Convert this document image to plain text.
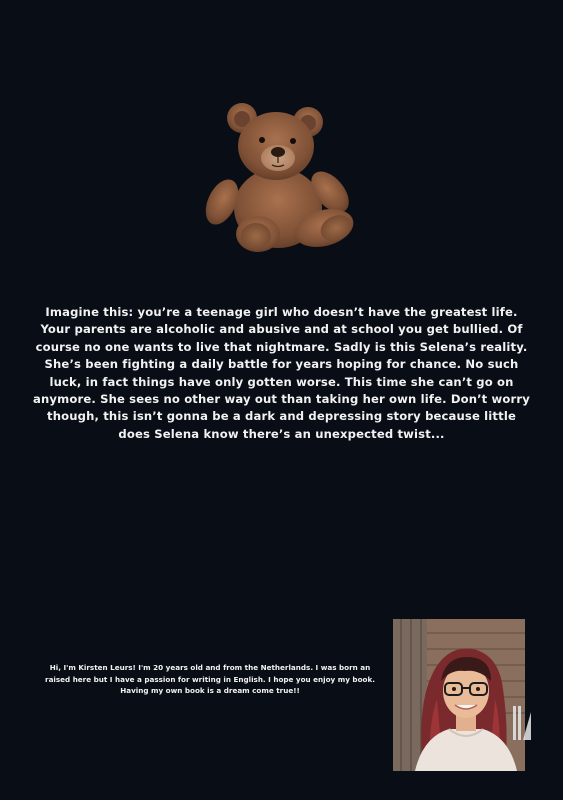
Imagine this: you’re a teenage girl who doesn’t have the greatest life. Your parents are alcoholic and abusive and at school you get bullied. Of course no one wants to live that nightmare. Sadly is this Selena’s reality. She’s been fighting a daily battle for years hoping for chance. No such luck, in fact things have only gotten worse. This time she can’t go on anymore. She sees no other way out than taking her own life. Don’t worry though, this isn’t gonna be a dark and depressing story because little does Selena know there’s an unexpected twist...

Hi, I'm Kirsten Leurs! I'm 20 years old and from the Netherlands. I was born an raised here but I have a passion for writing in English. I hope you enjoy my book. Having my own book is a dream come true!!
